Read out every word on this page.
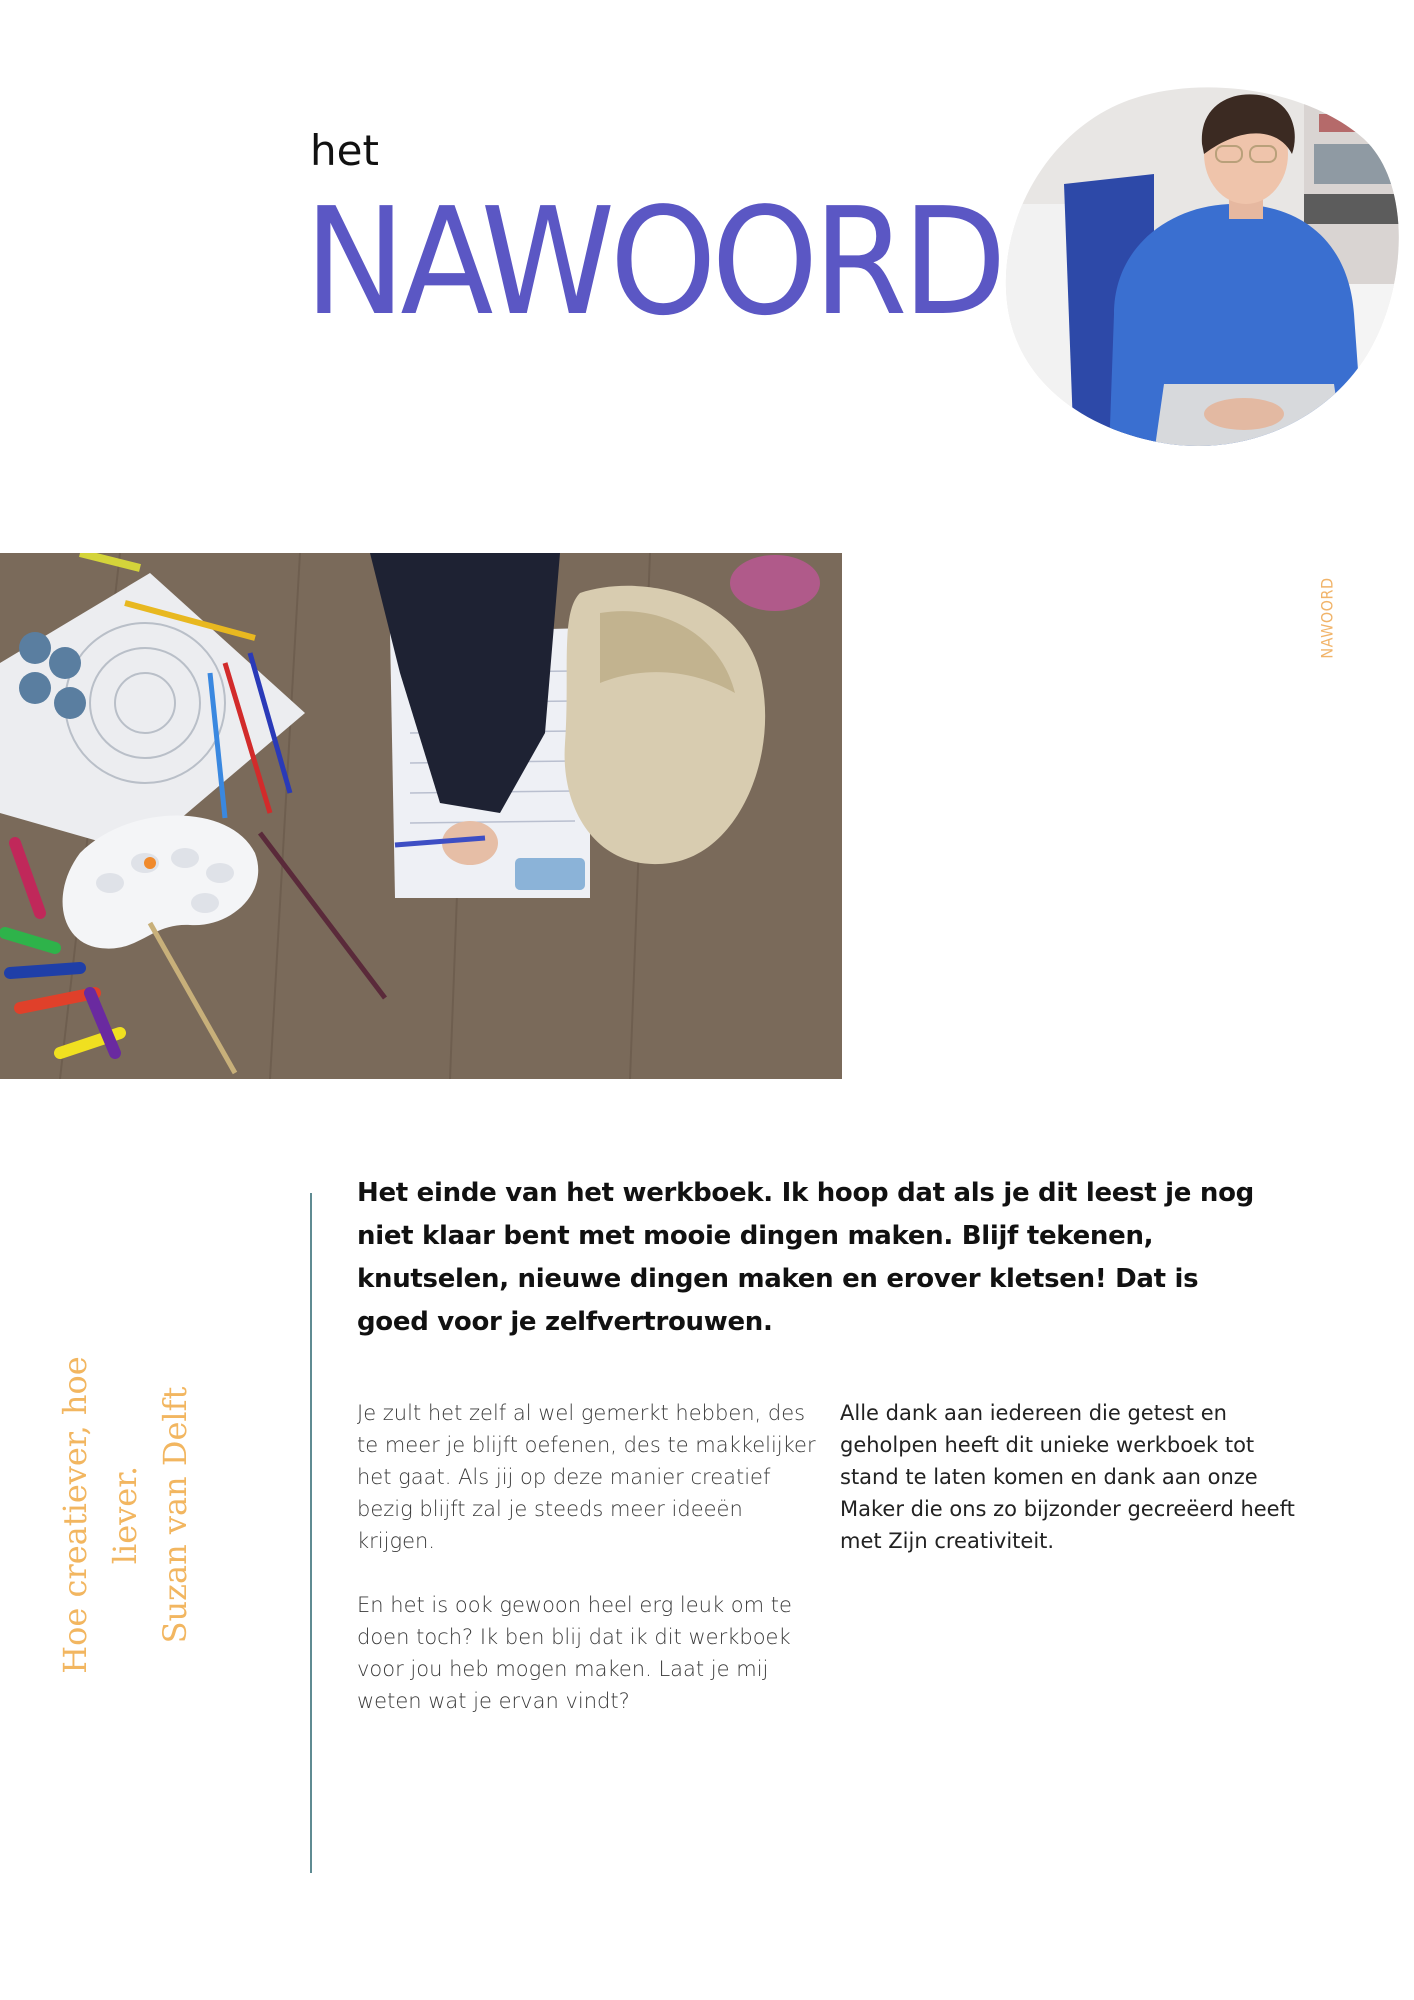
het
NAWOORD
NAWOORD
Hoe creatiever, hoe liever. Suzan van Delft
Het einde van het werkboek. Ik hoop dat als je dit leest je nog niet klaar bent met mooie dingen maken. Blijf tekenen, knutselen, nieuwe dingen maken en erover kletsen! Dat is goed voor je zelfvertrouwen.

Je zult het zelf al wel gemerkt hebben, des te meer je blijft oefenen, des te makkelijker het gaat. Als jij op deze manier creatief bezig blijft zal je steeds meer ideeën krijgen.

En het is ook gewoon heel erg leuk om te doen toch? Ik ben blij dat ik dit werkboek voor jou heb mogen maken. Laat je mij weten wat je ervan vindt?

Alle dank aan iedereen die getest en geholpen heeft dit unieke werkboek tot stand te laten komen en dank aan onze Maker die ons zo bijzonder gecreëerd heeft met Zijn creativiteit.
